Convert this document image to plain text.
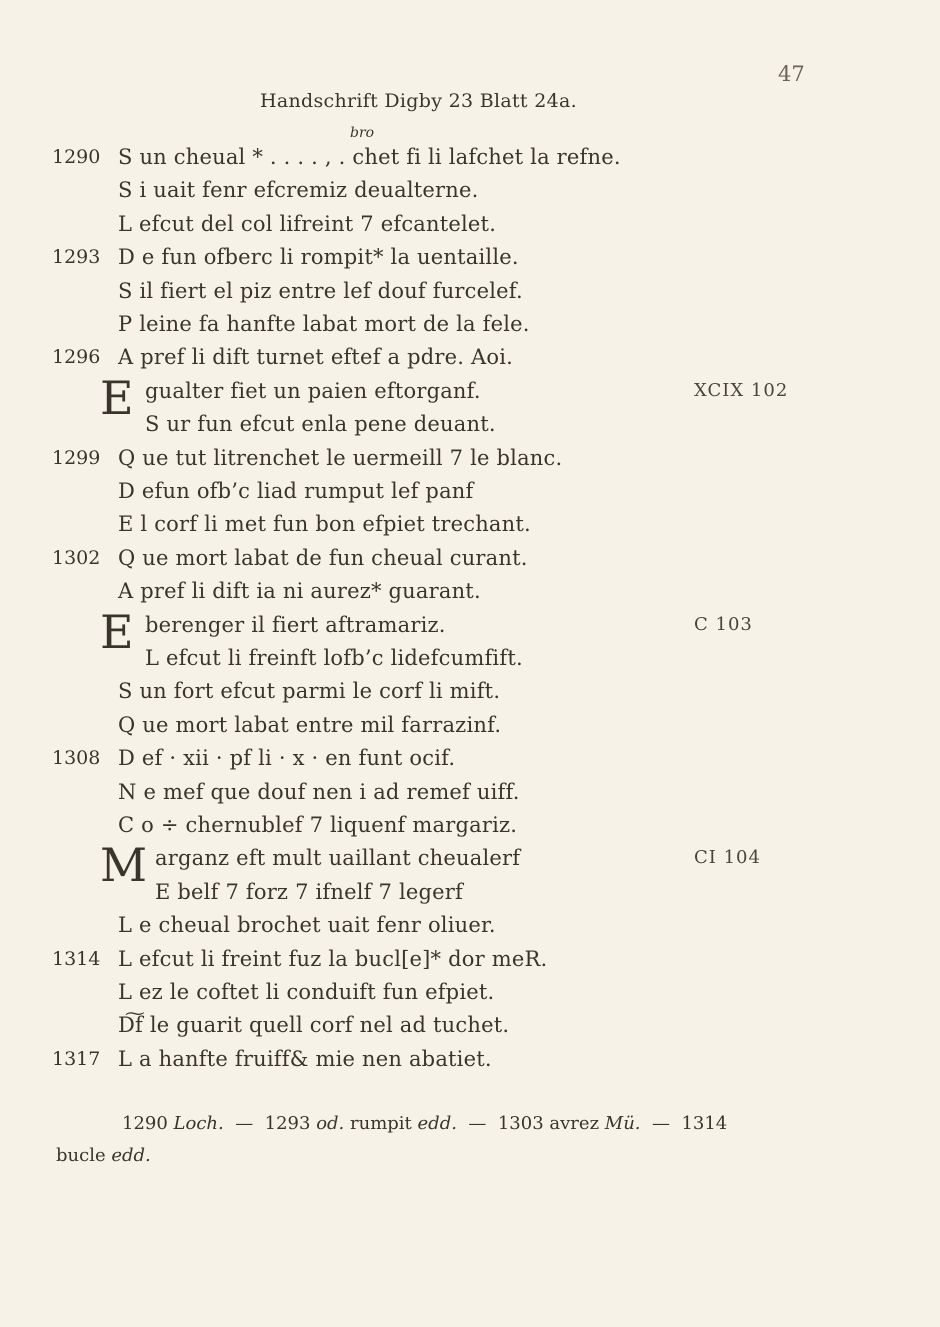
47
Handschrift Digby 23 Blatt 24a.
bro
1290 S un cheual * . . . . , . chet fi li lafchet la refne.
S i uait fenr efcremiz deualterne.
L efcut del col lifreint 7 efcantelet.
1293 D e fun ofberc li rompit* la uentaille.
S il fiert el piz entre lef douf furcelef.
P leine fa hanfte labat mort de la fele.
1296 A pref li dift turnet eftef a pdre. Aoi.
E gualter fiet un paien eftorganf.	XCIX 102
S ur fun efcut enla pene deuant.
1299 Q ue tut litrenchet le uermeill 7 le blanc.
D efun ofb’c liad rumput lef panf
E l corf li met fun bon efpiet trechant.
1302 Q ue mort labat de fun cheual curant.
A pref li dift ia ni aurez* guarant.
E berenger il fiert aftramariz.	C 103
L efcut li freinft lofb’c lidefcumfift.
S un fort efcut parmi le corf li mift.
Q ue mort labat entre mil farrazinf.
1308 D ef · xii · pf li · x · en funt ocif.
N e mef que douf nen i ad remef uiff.
C o ÷ chernublef 7 liquenf margariz.
M arganz eft mult uaillant cheualerf	CI 104
E belf 7 forz 7 ifnelf 7 legerf
L e cheual brochet uait fenr oliuer.
1314 L efcut li freint fuz la bucl[e]* dor meR.
L ez le coftet li conduift fun efpiet.
D͠f le guarit quell corf nel ad tuchet.
1317 L a hanfte fruiff& mie nen abatiet.
1290 Loch. — 1293 od. rumpit edd. — 1303 avrez Mü. — 1314
bucle edd.
